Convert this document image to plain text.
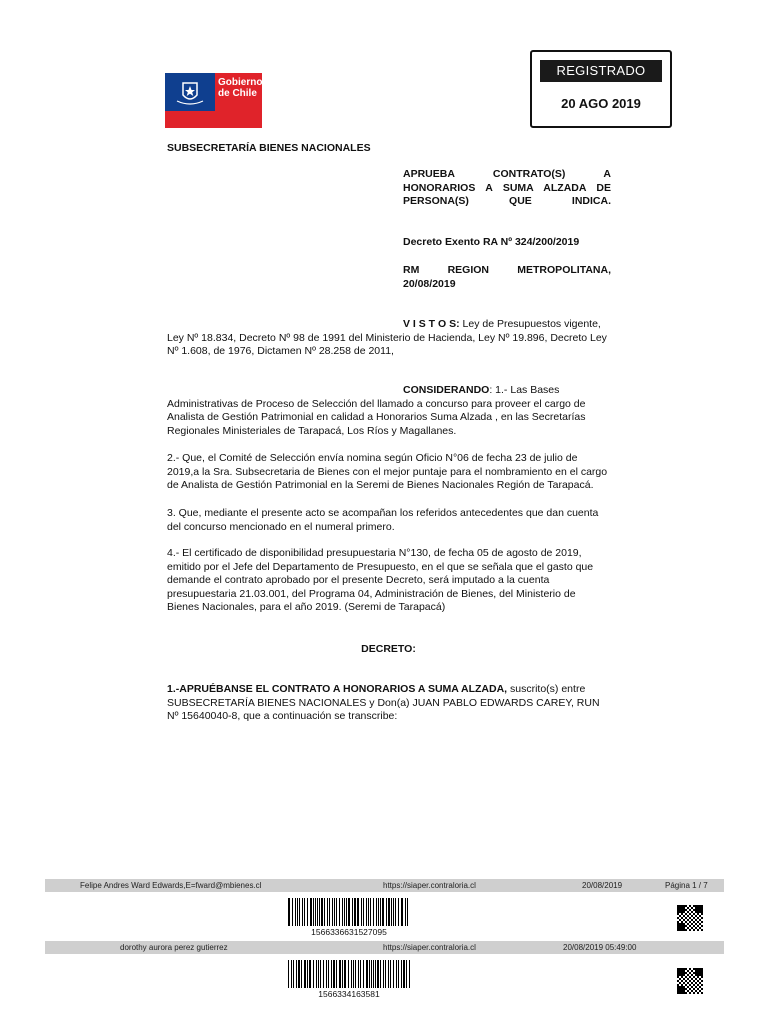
Gobierno
de Chile
REGISTRADO
20 AGO 2019
SUBSECRETARÍA BIENES NACIONALES
APRUEBA CONTRATO(S) A HONORARIOS A SUMA ALZADA DE PERSONA(S) QUE INDICA.
Decreto Exento RA Nº 324/200/2019
RM REGION METROPOLITANA, 20/08/2019
V I S T O S: Ley de Presupuestos vigente, Ley Nº 18.834, Decreto Nº 98 de 1991 del Ministerio de Hacienda, Ley Nº 19.896, Decreto Ley Nº 1.608, de 1976, Dictamen Nº 28.258 de 2011,
CONSIDERANDO: 1.- Las Bases Administrativas de Proceso de Selección del llamado a concurso para proveer el cargo de Analista de Gestión Patrimonial en calidad a Honorarios Suma Alzada , en las Secretarías Regionales Ministeriales de Tarapacá, Los Ríos y Magallanes.
2.- Que, el Comité de Selección envía nomina según Oficio N°06 de fecha 23 de julio de 2019,a la Sra. Subsecretaria de Bienes con el mejor puntaje para el nombramiento en el cargo de Analista de Gestión Patrimonial en la Seremi de Bienes Nacionales Región de Tarapacá.
3. Que, mediante el presente acto se acompañan los referidos antecedentes que dan cuenta del concurso mencionado en el numeral primero.
4.- El certificado de disponibilidad presupuestaria N°130, de fecha 05 de agosto de 2019, emitido por el Jefe del Departamento de Presupuesto, en el que se señala que el gasto que demande el contrato aprobado por el presente Decreto, será imputado a la cuenta presupuestaria 21.03.001, del Programa 04, Administración de Bienes, del Ministerio de Bienes Nacionales, para el año 2019. (Seremi de Tarapacá)
DECRETO:
1.-APRUÉBANSE EL CONTRATO A HONORARIOS A SUMA ALZADA, suscrito(s) entre SUBSECRETARÍA BIENES NACIONALES y Don(a) JUAN PABLO EDWARDS CAREY, RUN Nº 15640040-8, que a continuación se transcribe:
Felipe Andres Ward Edwards,E=fward@mbienes.cl	https://siaper.contraloria.cl	20/08/2019	Página 1 / 7
1566336631527095
dorothy aurora perez gutierrez	https://siaper.contraloria.cl	20/08/2019 05:49:00
1566334163581
